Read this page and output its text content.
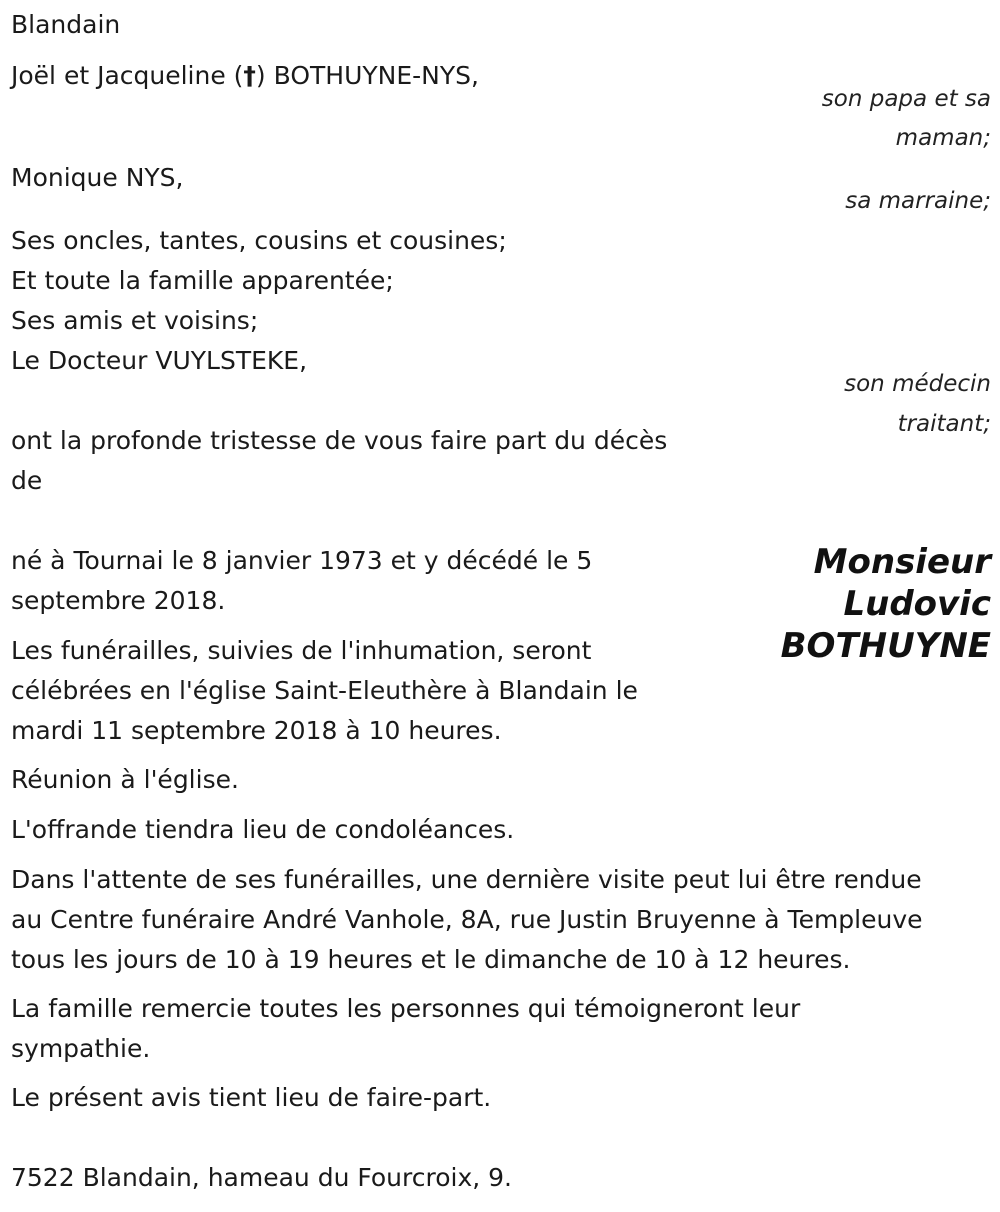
Blandain

Joël et Jacqueline (†) BOTHUYNE-NYS,

son papa et sa

maman;

Monique NYS,

sa marraine;

Ses oncles, tantes, cousins et cousines;

Et toute la famille apparentée;

Ses amis et voisins;

Le Docteur VUYLSTEKE,

son médecin

traitant;

ont la profonde tristesse de vous faire part du décès

de

Monsieur
Ludovic
BOTHUYNE

né à Tournai le 8 janvier 1973 et y décédé le 5

septembre 2018.

Les funérailles, suivies de l'inhumation, seront

célébrées en l'église Saint-Eleuthère à Blandain le

mardi 11 septembre 2018 à 10 heures.

Réunion à l'église.

L'offrande tiendra lieu de condoléances.

Dans l'attente de ses funérailles, une dernière visite peut lui être rendue

au Centre funéraire André Vanhole, 8A, rue Justin Bruyenne à Templeuve

tous les jours de 10 à 19 heures et le dimanche de 10 à 12 heures.

La famille remercie toutes les personnes qui témoigneront leur

sympathie.

Le présent avis tient lieu de faire-part.

7522 Blandain, hameau du Fourcroix, 9.
